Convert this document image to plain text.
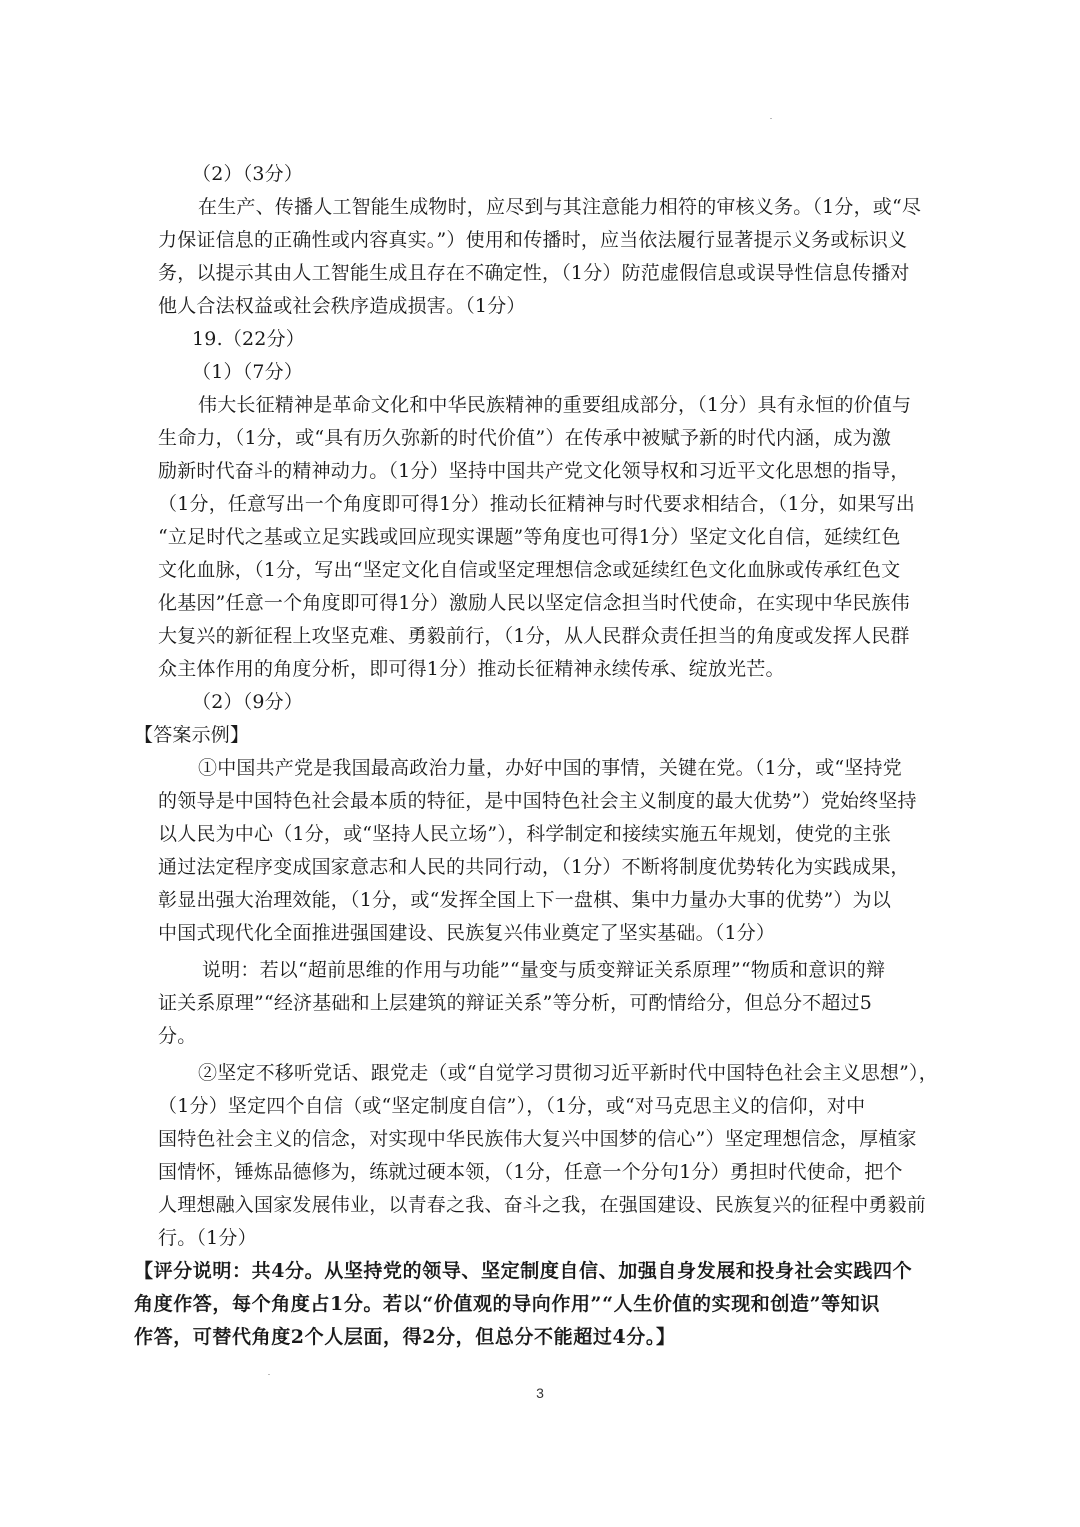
（2）（3分）
在生产、传播人工智能生成物时，应尽到与其注意能力相符的审核义务。（1分，或“尽
力保证信息的正确性或内容真实。”）使用和传播时，应当依法履行显著提示义务或标识义
务，以提示其由人工智能生成且存在不确定性，（1分）防范虚假信息或误导性信息传播对
他人合法权益或社会秩序造成损害。（1分）
19.（22分）
（1）（7分）
伟大长征精神是革命文化和中华民族精神的重要组成部分，（1分）具有永恒的价值与
生命力，（1分，或“具有历久弥新的时代价值”）在传承中被赋予新的时代内涵，成为激
励新时代奋斗的精神动力。（1分）坚持中国共产党文化领导权和习近平文化思想的指导，
（1分，任意写出一个角度即可得1分）推动长征精神与时代要求相结合，（1分，如果写出
“立足时代之基或立足实践或回应现实课题”等角度也可得1分）坚定文化自信，延续红色
文化血脉，（1分，写出“坚定文化自信或坚定理想信念或延续红色文化血脉或传承红色文
化基因”任意一个角度即可得1分）激励人民以坚定信念担当时代使命，在实现中华民族伟
大复兴的新征程上攻坚克难、勇毅前行，（1分，从人民群众责任担当的角度或发挥人民群
众主体作用的角度分析，即可得1分）推动长征精神永续传承、绽放光芒。
（2）（9分）
【答案示例】
①中国共产党是我国最高政治力量，办好中国的事情，关键在党。（1分，或“坚持党
的领导是中国特色社会最本质的特征，是中国特色社会主义制度的最大优势”）党始终坚持
以人民为中心（1分，或“坚持人民立场”），科学制定和接续实施五年规划，使党的主张
通过法定程序变成国家意志和人民的共同行动，（1分）不断将制度优势转化为实践成果，
彰显出强大治理效能，（1分，或“发挥全国上下一盘棋、集中力量办大事的优势”）为以
中国式现代化全面推进强国建设、民族复兴伟业奠定了坚实基础。（1分）
说明：若以“超前思维的作用与功能”“量变与质变辩证关系原理”“物质和意识的辩
证关系原理”“经济基础和上层建筑的辩证关系”等分析，可酌情给分，但总分不超过5
分。
②坚定不移听党话、跟党走（或“自觉学习贯彻习近平新时代中国特色社会主义思想”），
（1分）坚定四个自信（或“坚定制度自信”），（1分，或“对马克思主义的信仰，对中
国特色社会主义的信念，对实现中华民族伟大复兴中国梦的信心”）坚定理想信念，厚植家
国情怀，锤炼品德修为，练就过硬本领，（1分，任意一个分句1分）勇担时代使命，把个
人理想融入国家发展伟业，以青春之我、奋斗之我，在强国建设、民族复兴的征程中勇毅前
行。（1分）
【评分说明：共4分。从坚持党的领导、坚定制度自信、加强自身发展和投身社会实践四个
角度作答，每个角度占1分。若以“价值观的导向作用”“人生价值的实现和创造”等知识
作答，可替代角度2个人层面，得2分，但总分不能超过4分。】
3
